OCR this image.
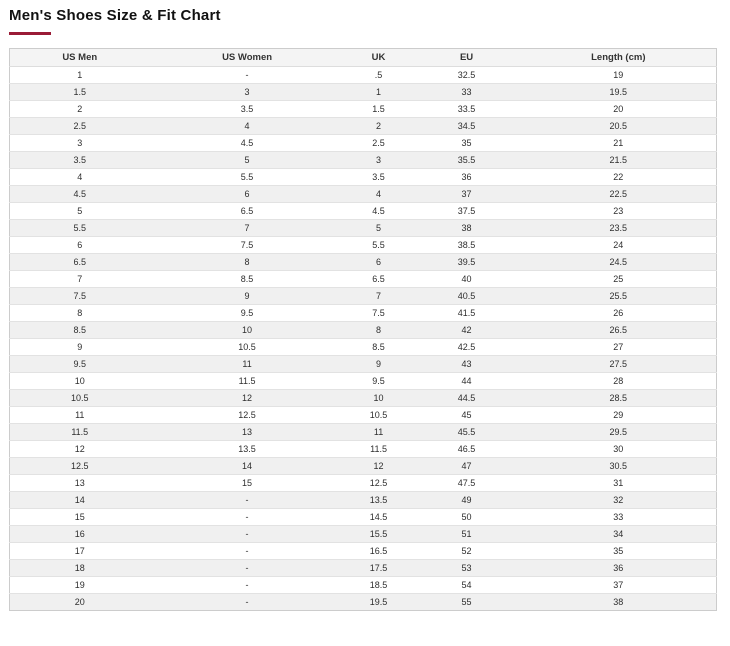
Men's Shoes Size & Fit Chart
US Men	US Women	UK	EU	Length (cm)
1	-	.5	32.5	19
1.5	3	1	33	19.5
2	3.5	1.5	33.5	20
2.5	4	2	34.5	20.5
3	4.5	2.5	35	21
3.5	5	3	35.5	21.5
4	5.5	3.5	36	22
4.5	6	4	37	22.5
5	6.5	4.5	37.5	23
5.5	7	5	38	23.5
6	7.5	5.5	38.5	24
6.5	8	6	39.5	24.5
7	8.5	6.5	40	25
7.5	9	7	40.5	25.5
8	9.5	7.5	41.5	26
8.5	10	8	42	26.5
9	10.5	8.5	42.5	27
9.5	11	9	43	27.5
10	11.5	9.5	44	28
10.5	12	10	44.5	28.5
11	12.5	10.5	45	29
11.5	13	11	45.5	29.5
12	13.5	11.5	46.5	30
12.5	14	12	47	30.5
13	15	12.5	47.5	31
14	-	13.5	49	32
15	-	14.5	50	33
16	-	15.5	51	34
17	-	16.5	52	35
18	-	17.5	53	36
19	-	18.5	54	37
20	-	19.5	55	38
